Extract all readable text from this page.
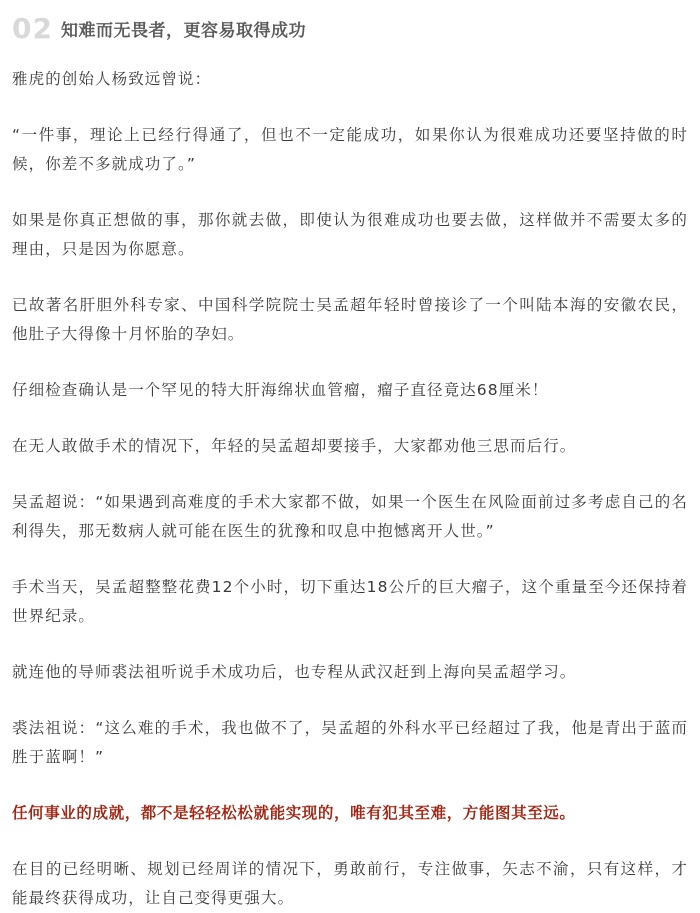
02 知难而无畏者，更容易取得成功

雅虎的创始人杨致远曾说：

“一件事，理论上已经行得通了，但也不一定能成功，如果你认为很难成功还要坚持做的时候，你差不多就成功了。”

如果是你真正想做的事，那你就去做，即使认为很难成功也要去做，这样做并不需要太多的理由，只是因为你愿意。

已故著名肝胆外科专家、中国科学院院士吴孟超年轻时曾接诊了一个叫陆本海的安徽农民，他肚子大得像十月怀胎的孕妇。

仔细检查确认是一个罕见的特大肝海绵状血管瘤，瘤子直径竟达68厘米！

在无人敢做手术的情况下，年轻的吴孟超却要接手，大家都劝他三思而后行。

吴孟超说：“如果遇到高难度的手术大家都不做，如果一个医生在风险面前过多考虑自己的名利得失，那无数病人就可能在医生的犹豫和叹息中抱憾离开人世。”

手术当天，吴孟超整整花费12个小时，切下重达18公斤的巨大瘤子，这个重量至今还保持着世界纪录。

就连他的导师裘法祖听说手术成功后，也专程从武汉赶到上海向吴孟超学习。

裘法祖说：“这么难的手术，我也做不了，吴孟超的外科水平已经超过了我，他是青出于蓝而胜于蓝啊！”

任何事业的成就，都不是轻轻松松就能实现的，唯有犯其至难，方能图其至远。

在目的已经明晰、规划已经周详的情况下，勇敢前行，专注做事，矢志不渝，只有这样，才能最终获得成功，让自己变得更强大。
